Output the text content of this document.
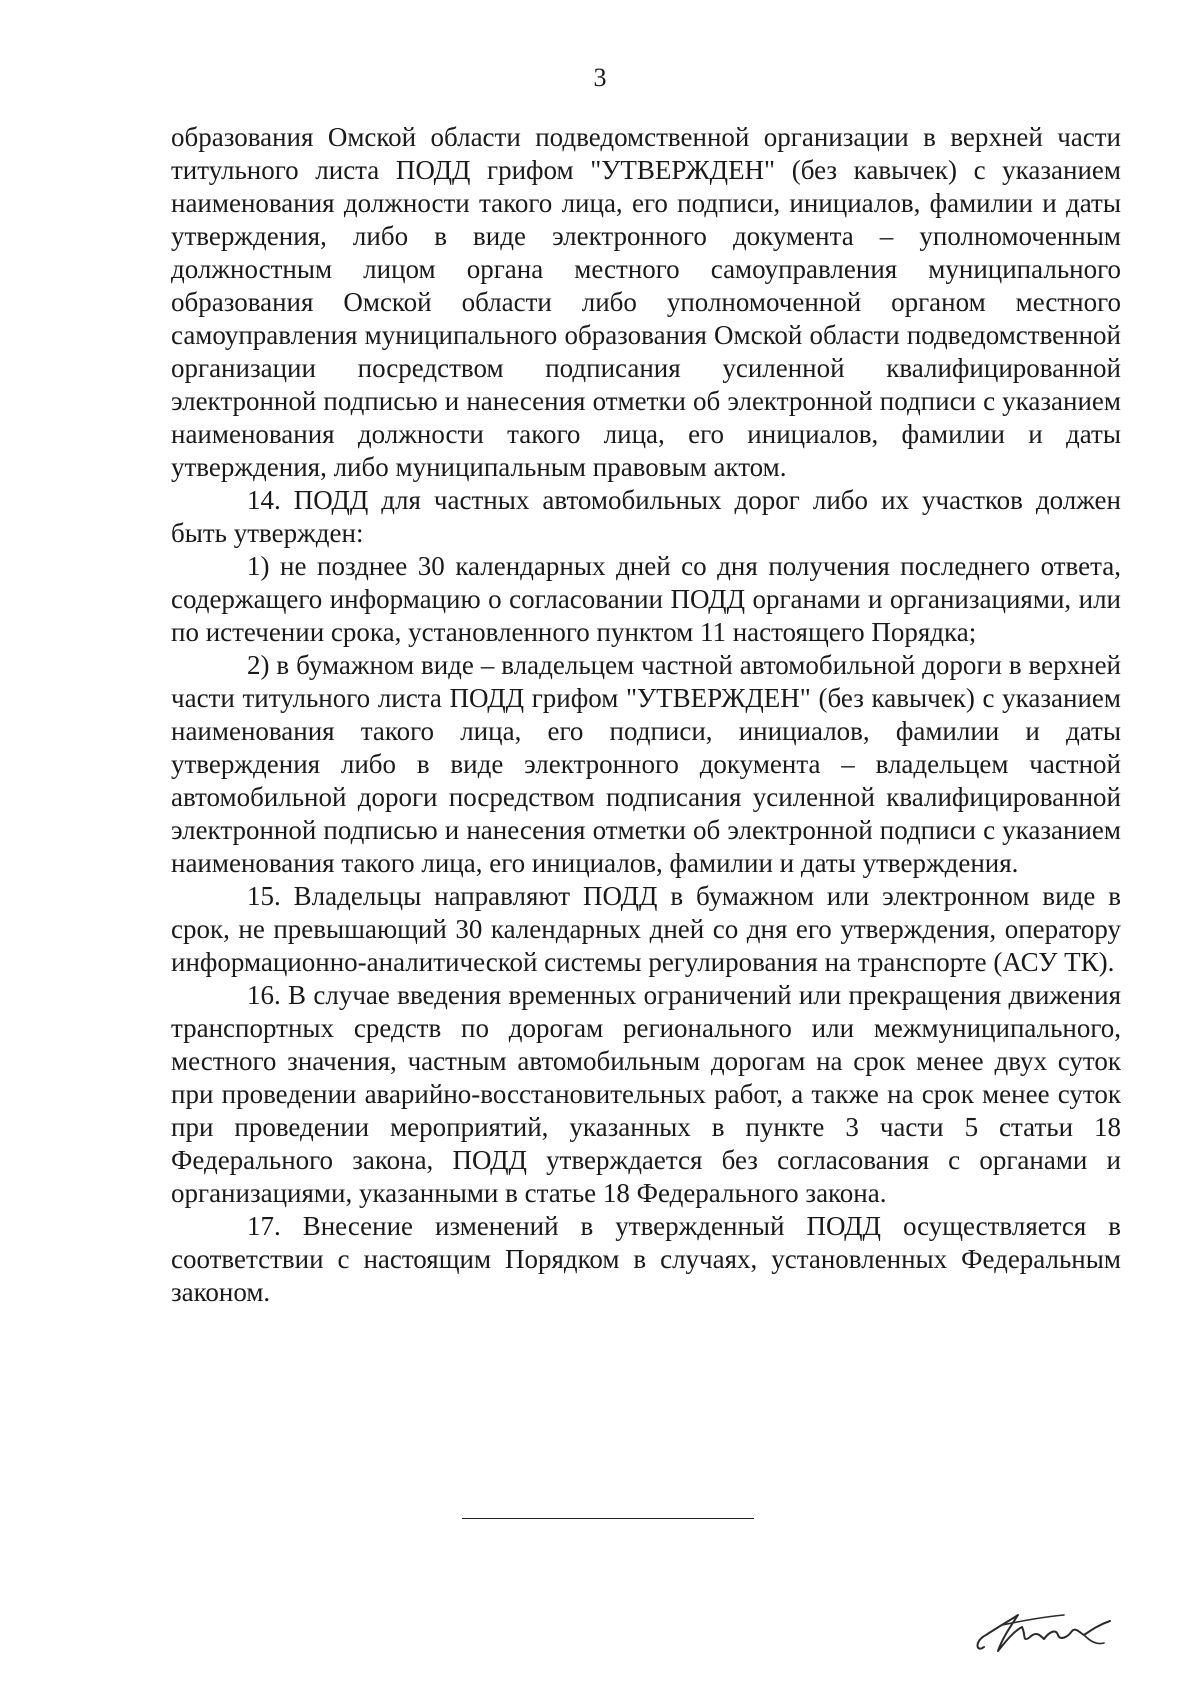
3

образования Омской области подведомственной организации в верхней части титульного листа ПОДД грифом "УТВЕРЖДЕН" (без кавычек) с указанием наименования должности такого лица, его подписи, инициалов, фамилии и даты утверждения, либо в виде электронного документа – уполномоченным должностным лицом органа местного самоуправления муниципального образования Омской области либо уполномоченной органом местного самоуправления муниципального образования Омской области подведомственной организации посредством подписания усиленной квалифицированной электронной подписью и нанесения отметки об электронной подписи с указанием наименования должности такого лица, его инициалов, фамилии и даты утверждения, либо муниципальным правовым актом.

14. ПОДД для частных автомобильных дорог либо их участков должен быть утвержден:

1) не позднее 30 календарных дней со дня получения последнего ответа, содержащего информацию о согласовании ПОДД органами и организациями, или по истечении срока, установленного пунктом 11 настоящего Порядка;

2) в бумажном виде – владельцем частной автомобильной дороги в верхней части титульного листа ПОДД грифом "УТВЕРЖДЕН" (без кавычек) с указанием наименования такого лица, его подписи, инициалов, фамилии и даты утверждения либо в виде электронного документа – владельцем частной автомобильной дороги посредством подписания усиленной квалифицированной электронной подписью и нанесения отметки об электронной подписи с указанием наименования такого лица, его инициалов, фамилии и даты утверждения.

15. Владельцы направляют ПОДД в бумажном или электронном виде в срок, не превышающий 30 календарных дней со дня его утверждения, оператору информационно-аналитической системы регулирования на транспорте (АСУ ТК).

16. В случае введения временных ограничений или прекращения движения транспортных средств по дорогам регионального или межмуниципального, местного значения, частным автомобильным дорогам на срок менее двух суток при проведении аварийно-восстановительных работ, а также на срок менее суток при проведении мероприятий, указанных в пункте 3 части 5 статьи 18 Федерального закона, ПОДД утверждается без согласования с органами и организациями, указанными в статье 18 Федерального закона.

17. Внесение изменений в утвержденный ПОДД осуществляется в соответствии с настоящим Порядком в случаях, установленных Федеральным законом.
